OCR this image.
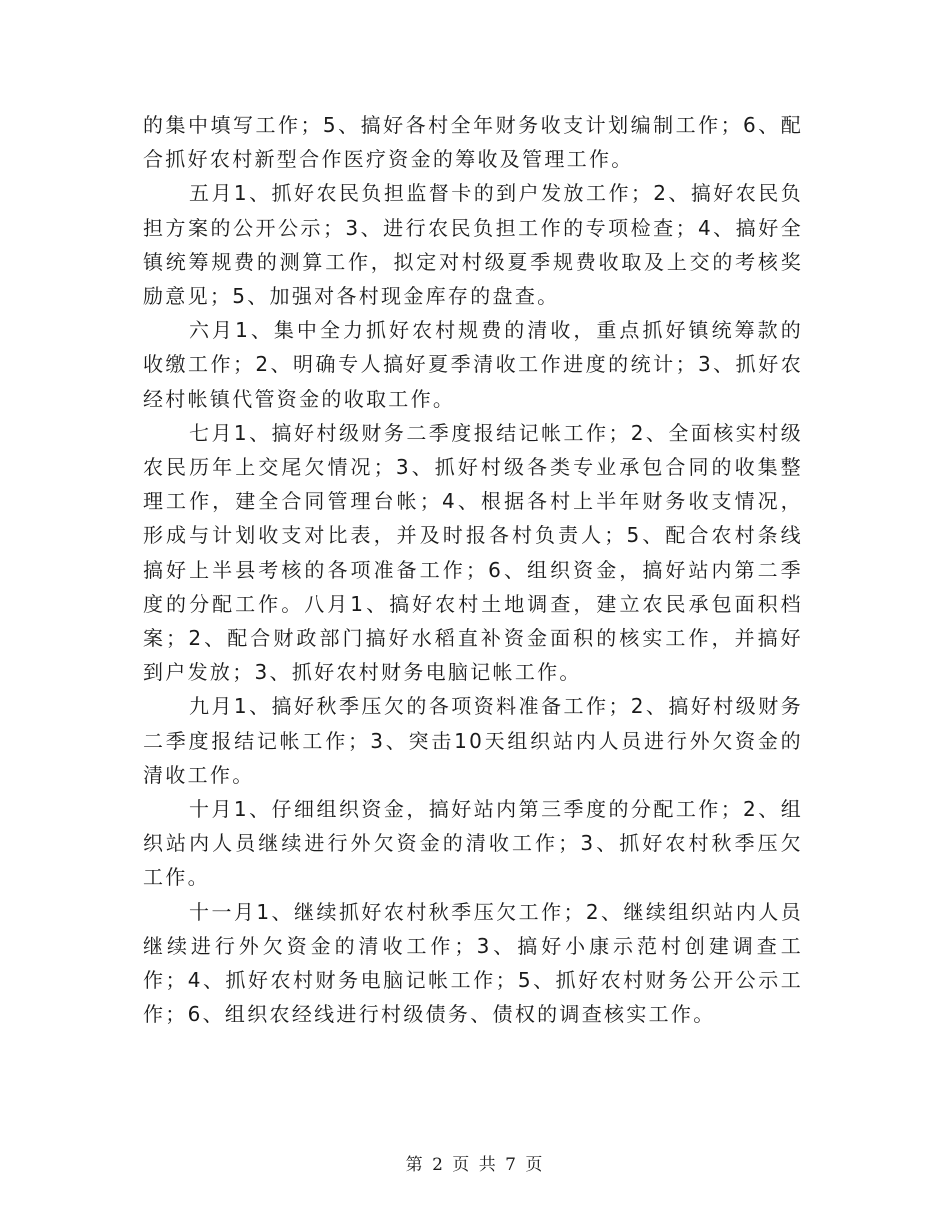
的集中填写工作；5、搞好各村全年财务收支计划编制工作；6、配合抓好农村新型合作医疗资金的筹收及管理工作。

五月1、抓好农民负担监督卡的到户发放工作；2、搞好农民负担方案的公开公示；3、进行农民负担工作的专项检查；4、搞好全镇统筹规费的测算工作，拟定对村级夏季规费收取及上交的考核奖励意见；5、加强对各村现金库存的盘查。

六月1、集中全力抓好农村规费的清收，重点抓好镇统筹款的收缴工作；2、明确专人搞好夏季清收工作进度的统计；3、抓好农经村帐镇代管资金的收取工作。

七月1、搞好村级财务二季度报结记帐工作；2、全面核实村级农民历年上交尾欠情况；3、抓好村级各类专业承包合同的收集整理工作，建全合同管理台帐；4、根据各村上半年财务收支情况，形成与计划收支对比表，并及时报各村负责人；5、配合农村条线搞好上半县考核的各项准备工作；6、组织资金，搞好站内第二季度的分配工作。八月1、搞好农村土地调查，建立农民承包面积档案；2、配合财政部门搞好水稻直补资金面积的核实工作，并搞好到户发放；3、抓好农村财务电脑记帐工作。

九月1、搞好秋季压欠的各项资料准备工作；2、搞好村级财务二季度报结记帐工作；3、突击10天组织站内人员进行外欠资金的清收工作。

十月1、仔细组织资金，搞好站内第三季度的分配工作；2、组织站内人员继续进行外欠资金的清收工作；3、抓好农村秋季压欠工作。

十一月1、继续抓好农村秋季压欠工作；2、继续组织站内人员继续进行外欠资金的清收工作；3、搞好小康示范村创建调查工作；4、抓好农村财务电脑记帐工作；5、抓好农村财务公开公示工作；6、组织农经线进行村级债务、债权的调查核实工作。

第 2 页 共 7 页
